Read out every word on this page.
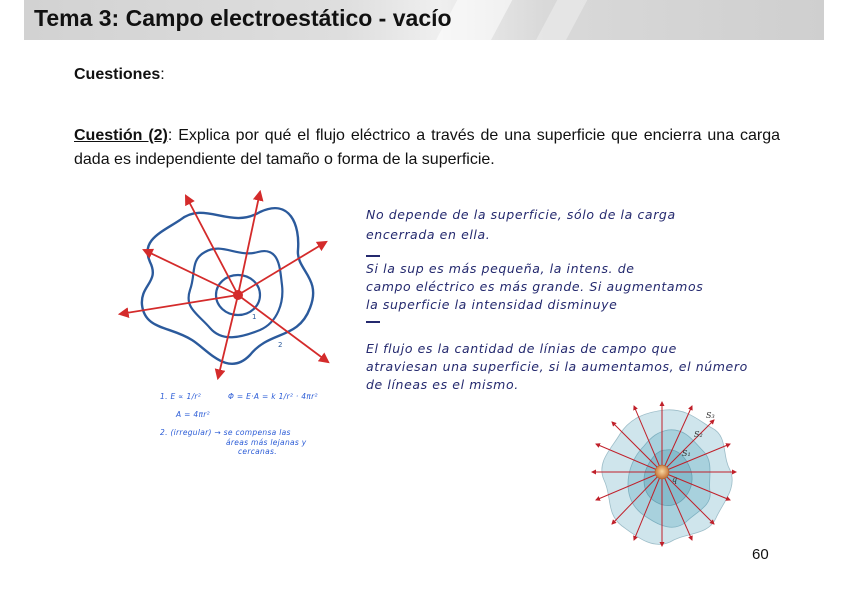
Tema 3: Campo electroestático - vacío
Cuestiones:
Cuestión (2): Explica por qué el flujo eléctrico a través de una superficie que encierra una carga dada es independiente del tamaño o forma de la superficie.
1
2
No depende de la superficie, sólo de la carga
encerrada en ella.
Si la sup es más pequeña, la intens. de
campo eléctrico es más grande. Si augmentamos
la superficie la intensidad disminuye
El flujo es la cantidad de línias de campo que
atraviesan una superficie, si la aumentamos, el número
de líneas es el mismo.
1. E ∝ 1/r²	Φ = E·A = k 1/r² · 4πr²
A = 4πr²
2. (irregular) → se compensa las
áreas más lejanas y
cercanas.
S₃
S₂
S₁
q
60
